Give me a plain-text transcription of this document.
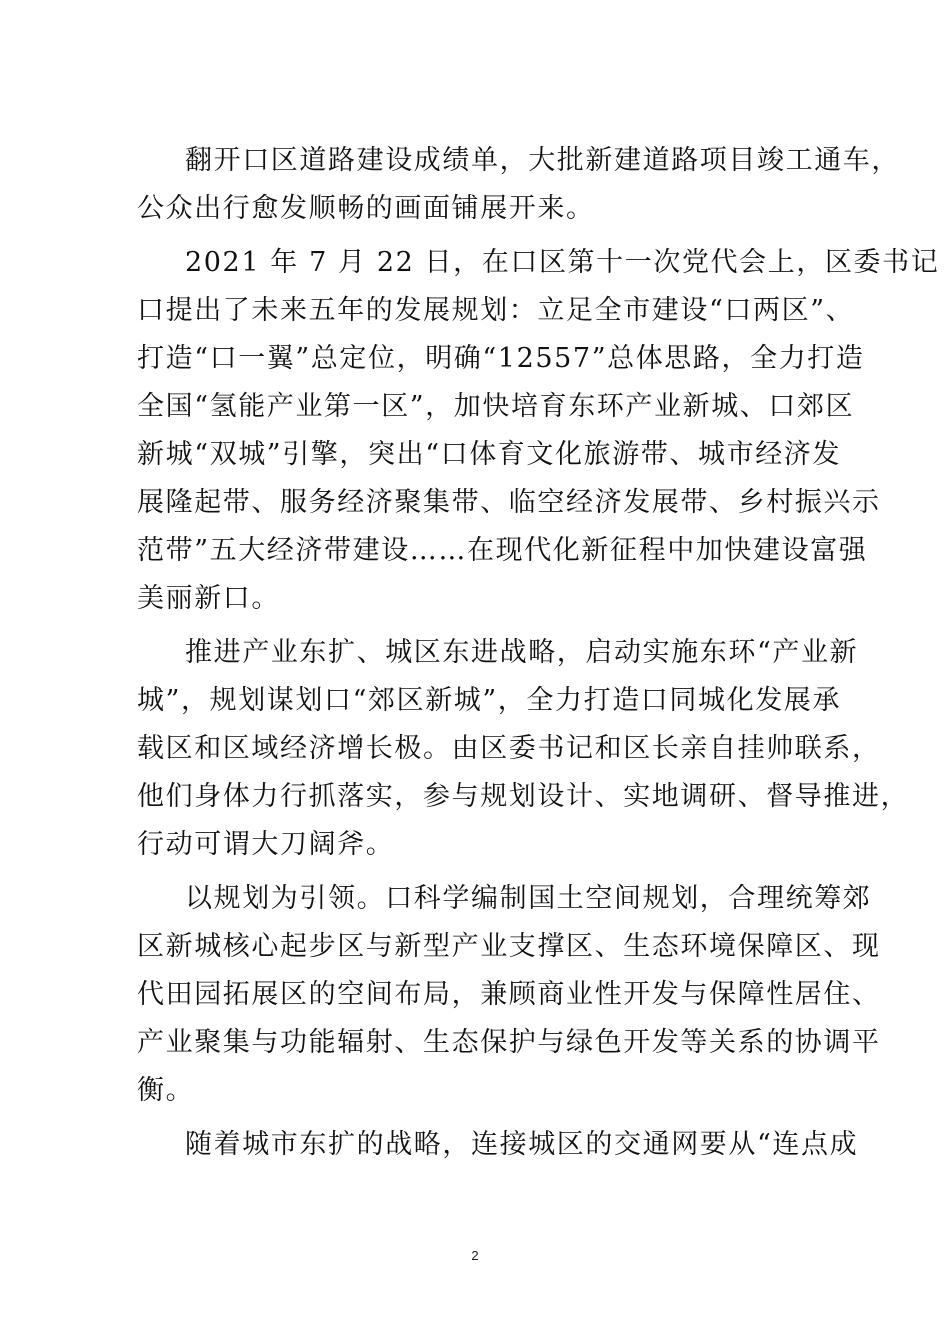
翻开口区道路建设成绩单，大批新建道路项目竣工通车，
公众出行愈发顺畅的画面铺展开来。
2021 年 7 月 22 日，在口区第十一次党代会上，区委书记
口提出了未来五年的发展规划：立足全市建设“口两区”、
打造“口一翼”总定位，明确“12557”总体思路，全力打造
全国“氢能产业第一区”，加快培育东环产业新城、口郊区
新城“双城”引擎，突出“口体育文化旅游带、城市经济发
展隆起带、服务经济聚集带、临空经济发展带、乡村振兴示
范带”五大经济带建设……在现代化新征程中加快建设富强
美丽新口。
推进产业东扩、城区东进战略，启动实施东环“产业新
城”，规划谋划口“郊区新城”，全力打造口同城化发展承
载区和区域经济增长极。由区委书记和区长亲自挂帅联系，
他们身体力行抓落实，参与规划设计、实地调研、督导推进，
行动可谓大刀阔斧。
以规划为引领。口科学编制国土空间规划，合理统筹郊
区新城核心起步区与新型产业支撑区、生态环境保障区、现
代田园拓展区的空间布局，兼顾商业性开发与保障性居住、
产业聚集与功能辐射、生态保护与绿色开发等关系的协调平
衡。
随着城市东扩的战略，连接城区的交通网要从“连点成
2
